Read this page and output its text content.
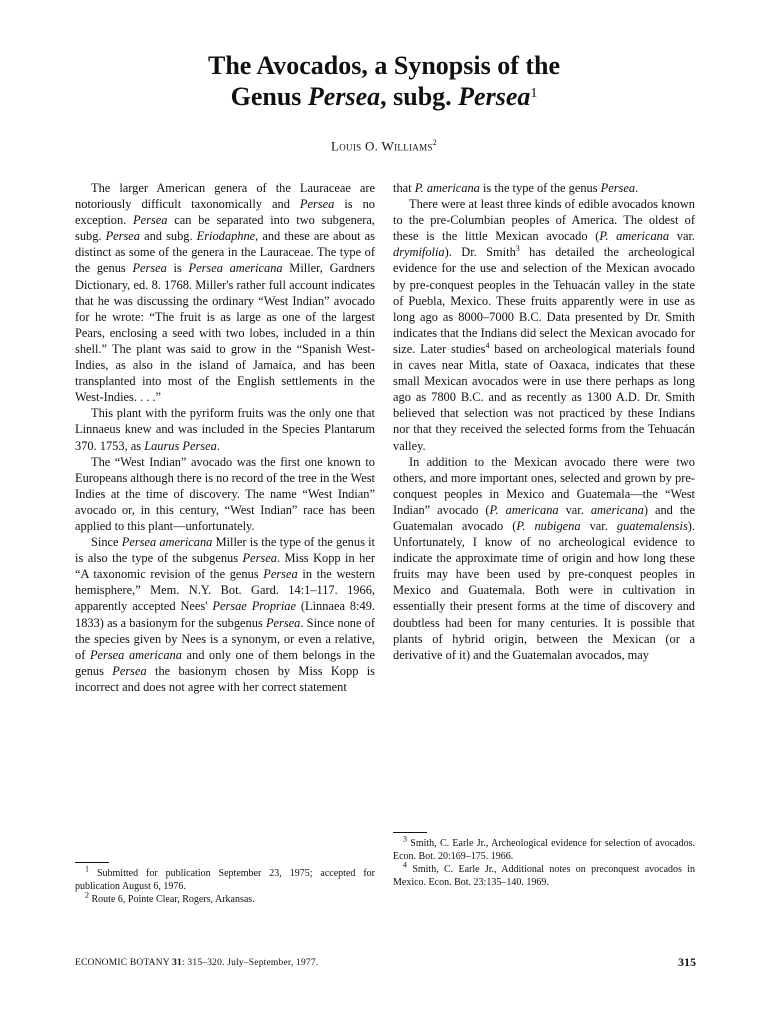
The Avocados, a Synopsis of the
Genus Persea, subg. Persea$^1$
Louis O. Williams$^2$

The larger American genera of the Lauraceae are notoriously difficult taxonomically and Persea is no exception. Persea can be separated into two subgenera, subg. Persea and subg. Eriodaphne, and these are about as distinct as some of the genera in the Lauraceae. The type of the genus Persea is Persea americana Miller, Gardners Dictionary, ed. 8. 1768. Miller's rather full account indicates that he was discussing the ordinary “West Indian” avocado for he wrote: “The fruit is as large as one of the largest Pears, enclosing a seed with two lobes, included in a thin shell.” The plant was said to grow in the “Spanish West-Indies, as also in the island of Jamaica, and has been transplanted into most of the English settlements in the West-Indies. . . .”

This plant with the pyriform fruits was the only one that Linnaeus knew and was included in the Species Plantarum 370. 1753, as Laurus Persea.

The “West Indian” avocado was the first one known to Europeans although there is no record of the tree in the West Indies at the time of discovery. The name “West Indian” avocado or, in this century, “West Indian” race has been applied to this plant—unfortunately.

Since Persea americana Miller is the type of the genus it is also the type of the subgenus Persea. Miss Kopp in her “A taxonomic revision of the genus Persea in the western hemisphere,” Mem. N.Y. Bot. Gard. 14:1–117. 1966, apparently accepted Nees' Persae Propriae (Linnaea 8:49. 1833) as a basionym for the subgenus Persea. Since none of the species given by Nees is a synonym, or even a relative, of Persea americana and only one of them belongs in the genus Persea the basionym chosen by Miss Kopp is incorrect and does not agree with her correct statement

that P. americana is the type of the genus Persea.

There were at least three kinds of edible avocados known to the pre-Columbian peoples of America. The oldest of these is the little Mexican avocado (P. americana var. drymifolia). Dr. Smith$^3$ has detailed the archeological evidence for the use and selection of the Mexican avocado by pre-conquest peoples in the Tehuacán valley in the state of Puebla, Mexico. These fruits apparently were in use as long ago as 8000–7000 B.C. Data presented by Dr. Smith indicates that the Indians did select the Mexican avocado for size. Later studies$^4$ based on archeological materials found in caves near Mitla, state of Oaxaca, indicates that these small Mexican avocados were in use there perhaps as long ago as 7800 B.C. and as recently as 1300 A.D. Dr. Smith believed that selection was not practiced by these Indians nor that they received the selected forms from the Tehuacán valley.

In addition to the Mexican avocado there were two others, and more important ones, selected and grown by pre-conquest peoples in Mexico and Guatemala—the “West Indian” avocado (P. americana var. americana) and the Guatemalan avocado (P. nubigena var. guatemalensis). Unfortunately, I know of no archeological evidence to indicate the approximate time of origin and how long these fruits may have been used by pre-conquest peoples in Mexico and Guatemala. Both were in cultivation in essentially their present forms at the time of discovery and doubtless had been for many centuries. It is possible that plants of hybrid origin, between the Mexican (or a derivative of it) and the Guatemalan avocados, may

$^1$ Submitted for publication September 23, 1975; accepted for publication August 6, 1976.

$^2$ Route 6, Pointe Clear, Rogers, Arkansas.

$^3$ Smith, C. Earle Jr., Archeological evidence for selection of avocados. Econ. Bot. 20:169–175. 1966.

$^4$ Smith, C. Earle Jr., Additional notes on preconquest avocados in Mexico. Econ. Bot. 23:135–140. 1969.

ECONOMIC BOTANY 31: 315–320. July–September, 1977.	315
